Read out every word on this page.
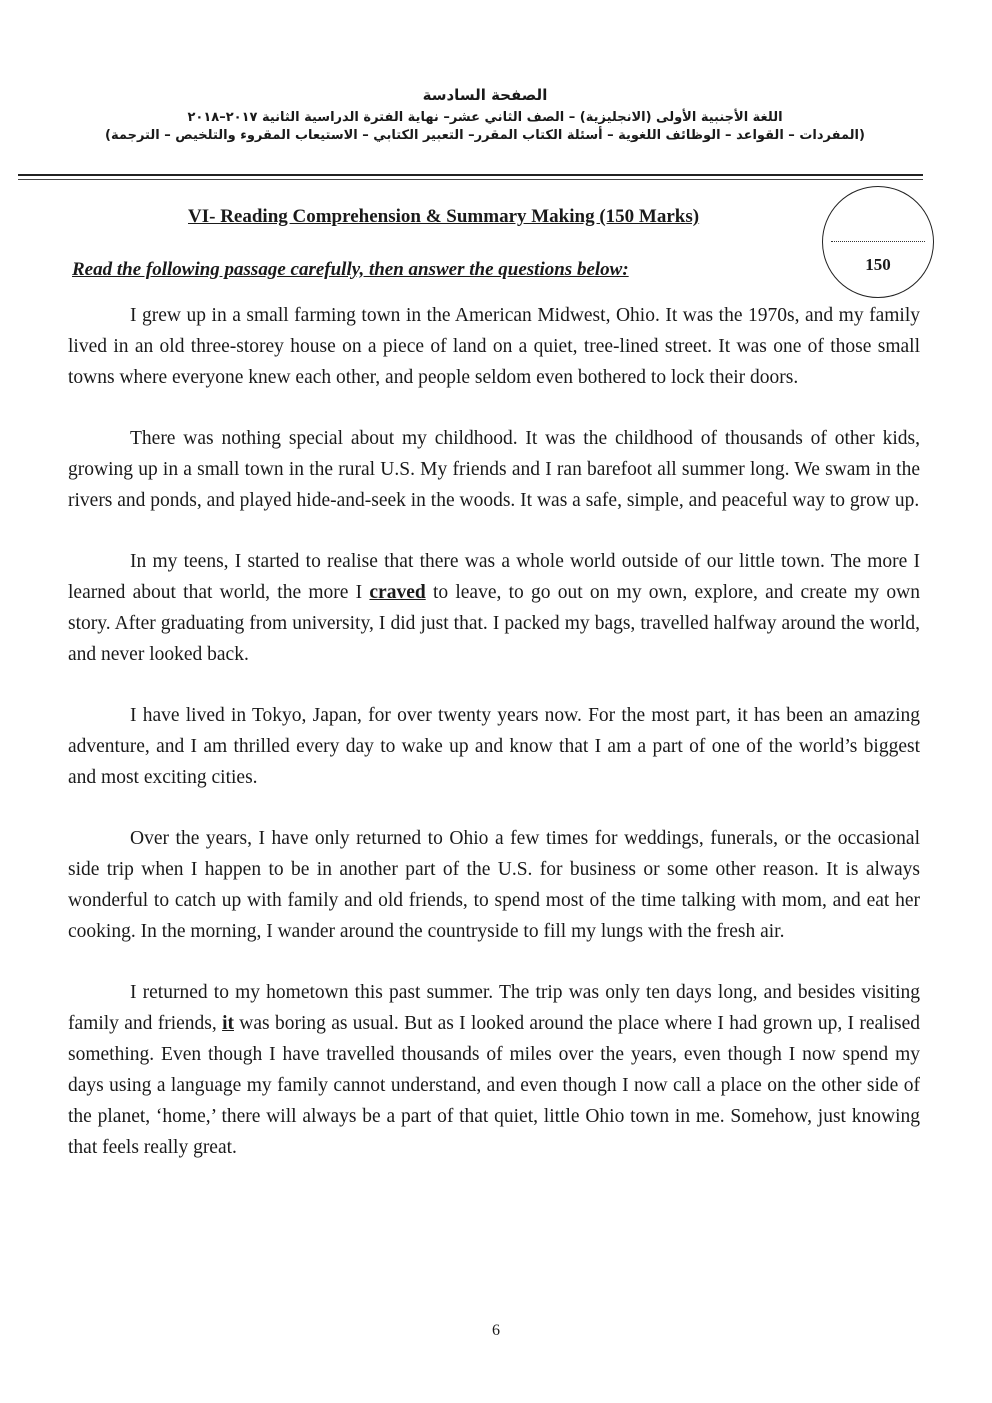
الصفحة السادسة
اللغة الأجنبية الأولى (الانجليزية) – الصف الثاني عشر– نهاية الفترة الدراسية الثانية ٢٠١٧–٢٠١٨
(المفردات – القواعد – الوظائف اللغوية – أسئلة الكتاب المقرر– التعبير الكتابي – الاستيعاب المقروء والتلخيص – الترجمة)
VI- Reading Comprehension & Summary Making (150 Marks)
150
Read the following passage carefully, then answer the questions below:

I grew up in a small farming town in the American Midwest, Ohio. It was the 1970s, and my family lived in an old three-storey house on a piece of land on a quiet, tree-lined street. It was one of those small towns where everyone knew each other, and people seldom even bothered to lock their doors.

There was nothing special about my childhood. It was the childhood of thousands of other kids, growing up in a small town in the rural U.S. My friends and I ran barefoot all summer long. We swam in the rivers and ponds, and played hide-and-seek in the woods. It was a safe, simple, and peaceful way to grow up.

In my teens, I started to realise that there was a whole world outside of our little town. The more I learned about that world, the more I craved to leave, to go out on my own, explore, and create my own story. After graduating from university, I did just that. I packed my bags, travelled halfway around the world, and never looked back.

I have lived in Tokyo, Japan, for over twenty years now. For the most part, it has been an amazing adventure, and I am thrilled every day to wake up and know that I am a part of one of the world’s biggest and most exciting cities.

Over the years, I have only returned to Ohio a few times for weddings, funerals, or the occasional side trip when I happen to be in another part of the U.S. for business or some other reason. It is always wonderful to catch up with family and old friends, to spend most of the time talking with mom, and eat her cooking. In the morning, I wander around the countryside to fill my lungs with the fresh air.

I returned to my hometown this past summer. The trip was only ten days long, and besides visiting family and friends, it was boring as usual. But as I looked around the place where I had grown up, I realised something. Even though I have travelled thousands of miles over the years, even though I now spend my days using a language my family cannot understand, and even though I now call a place on the other side of the planet, ‘home,’ there will always be a part of that quiet, little Ohio town in me. Somehow, just knowing that feels really great.

6
